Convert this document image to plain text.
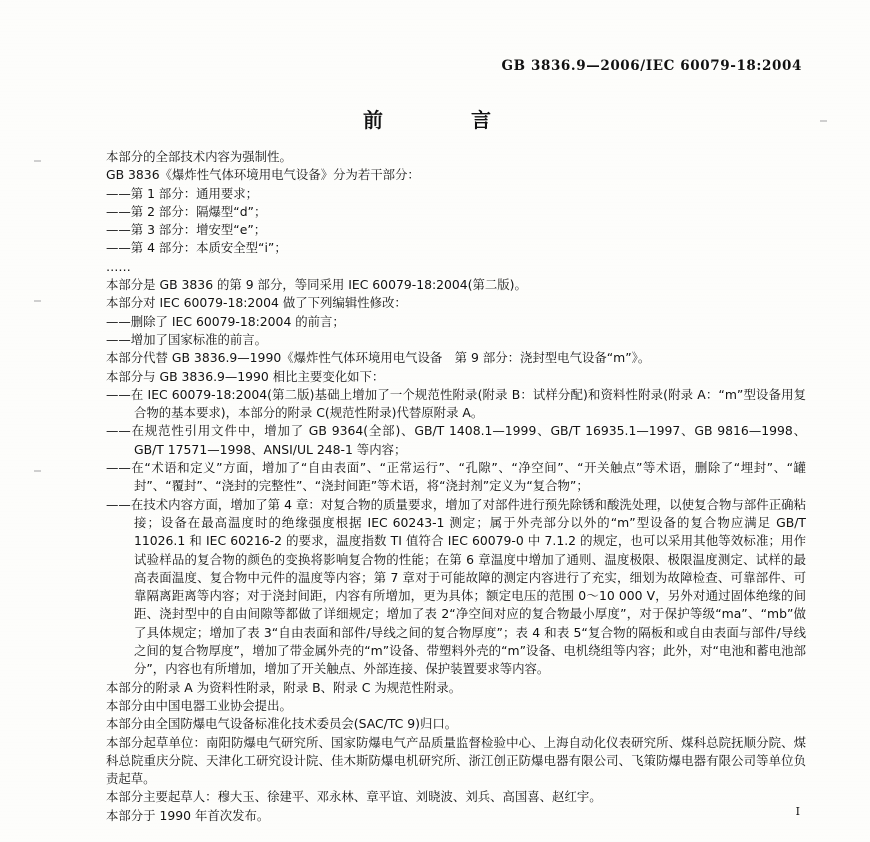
GB 3836.9—2006/IEC 60079-18:2004
前　　言
本部分的全部技术内容为强制性。
GB 3836《爆炸性气体环境用电气设备》分为若干部分：
——第 1 部分：通用要求；
——第 2 部分：隔爆型“d”；
——第 3 部分：增安型“e”；
——第 4 部分：本质安全型“i”；
……
本部分是 GB 3836 的第 9 部分，等同采用 IEC 60079-18:2004(第二版)。
本部分对 IEC 60079-18:2004 做了下列编辑性修改：
——删除了 IEC 60079-18:2004 的前言；
——增加了国家标准的前言。
本部分代替 GB 3836.9—1990《爆炸性气体环境用电气设备　第 9 部分：浇封型电气设备“m”》。
本部分与 GB 3836.9—1990 相比主要变化如下：
——在 IEC 60079-18:2004(第二版)基础上增加了一个规范性附录(附录 B：试样分配)和资料性附录(附录 A：“m”型设备用复合物的基本要求)，本部分的附录 C(规范性附录)代替原附录 A。
——在规范性引用文件中，增加了 GB 9364(全部)、GB/T 1408.1—1999、GB/T 16935.1—1997、GB 9816—1998、GB/T 17571—1998、ANSI/UL 248-1 等内容；
——在“术语和定义”方面，增加了“自由表面”、“正常运行”、“孔隙”、“净空间”、“开关触点”等术语，删除了“埋封”、“罐封”、“覆封”、“浇封的完整性”、“浇封间距”等术语，将“浇封剂”定义为“复合物”；
——在技术内容方面，增加了第 4 章：对复合物的质量要求，增加了对部件进行预先除锈和酸洗处理，以使复合物与部件正确粘接；设备在最高温度时的绝缘强度根据 IEC 60243-1 测定；属于外壳部分以外的“m”型设备的复合物应满足 GB/T 11026.1 和 IEC 60216-2 的要求，温度指数 TI 值符合 IEC 60079-0 中 7.1.2 的规定，也可以采用其他等效标准；用作试验样品的复合物的颜色的变换将影响复合物的性能；在第 6 章温度中增加了通则、温度极限、极限温度测定、试样的最高表面温度、复合物中元件的温度等内容；第 7 章对于可能故障的测定内容进行了充实，细划为故障检查、可靠部件、可靠隔离距离等内容；对于浇封间距，内容有所增加，更为具体；额定电压的范围 0～10 000 V，另外对通过固体绝缘的间距、浇封型中的自由间隙等都做了详细规定；增加了表 2“净空间对应的复合物最小厚度”，对于保护等级“ma”、“mb”做了具体规定；增加了表 3“自由表面和部件/导线之间的复合物厚度”；表 4 和表 5“复合物的隔板和或自由表面与部件/导线之间的复合物厚度”，增加了带金属外壳的“m”设备、带塑料外壳的“m”设备、电机绕组等内容；此外，对“电池和蓄电池部分”，内容也有所增加，增加了开关触点、外部连接、保护装置要求等内容。
本部分的附录 A 为资料性附录，附录 B、附录 C 为规范性附录。
本部分由中国电器工业协会提出。
本部分由全国防爆电气设备标准化技术委员会(SAC/TC 9)归口。
本部分起草单位：南阳防爆电气研究所、国家防爆电气产品质量监督检验中心、上海自动化仪表研究所、煤科总院抚顺分院、煤科总院重庆分院、天津化工研究设计院、佳木斯防爆电机研究所、浙江创正防爆电器有限公司、飞策防爆电器有限公司等单位负责起草。
本部分主要起草人：穆大玉、徐建平、邓永林、章平谊、刘晓波、刘兵、高国喜、赵红宇。
本部分于 1990 年首次发布。	I
